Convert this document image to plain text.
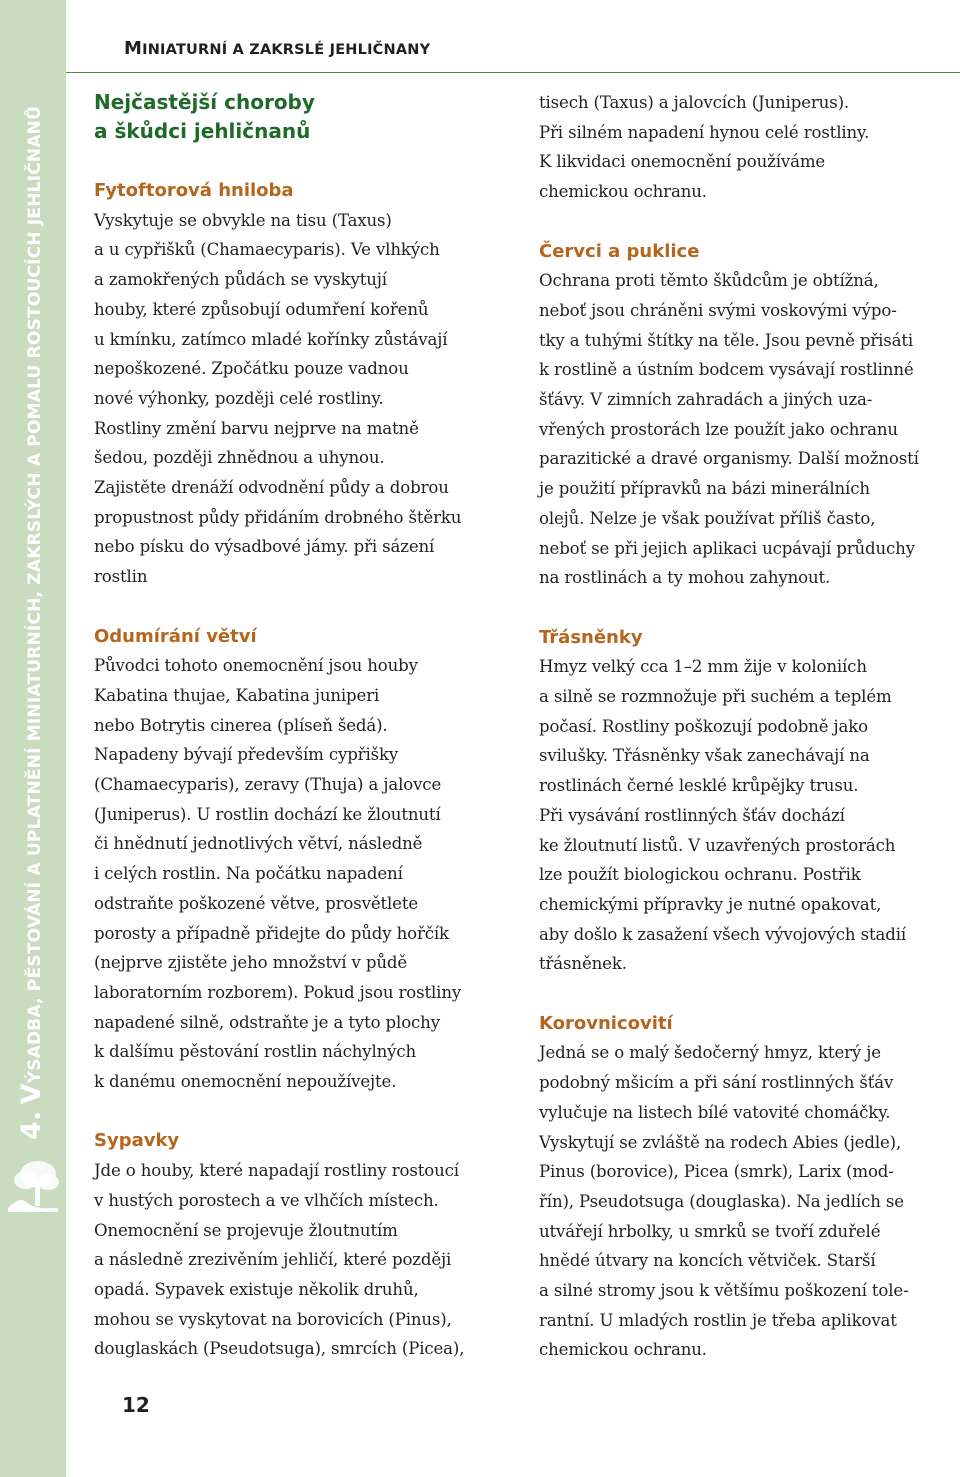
4. VÝSADBA, PĚSTOVÁNÍ A UPLATNĚNÍ MINIATURNÍCH, ZAKRSLÝCH A POMALU ROSTOUCÍCH JEHLIČNANŮ
MINIATURNÍ A ZAKRSLÉ JEHLIČNANY
Nejčastější choroby
a škůdci jehličnanů
Fytoftorová hniloba

Vyskytuje se obvykle na tisu (Taxus)
a u cypřišků (Chamaecyparis). Ve vlhkých
a zamokřených půdách se vyskytují
houby, které způsobují odumření kořenů
u kmínku, zatímco mladé kořínky zůstávají
nepoškozené. Zpočátku pouze vadnou
nové výhonky, později celé rostliny.
Rostliny změní barvu nejprve na matně
šedou, později zhnědnou a uhynou.
Zajistěte drenáží odvodnění půdy a dobrou
propustnost půdy přidáním drobného štěrku
nebo písku do výsadbové jámy. při sázení
rostlin

Odumírání větví

Původci tohoto onemocnění jsou houby
Kabatina thujae, Kabatina juniperi
nebo Botrytis cinerea (plíseň šedá).
Napadeny bývají především cypřišky
(Chamaecyparis), zeravy (Thuja) a jalovce
(Juniperus). U rostlin dochází ke žloutnutí
či hnědnutí jednotlivých větví, následně
i celých rostlin. Na počátku napadení
odstraňte poškozené větve, prosvětlete
porosty a případně přidejte do půdy hořčík
(nejprve zjistěte jeho množství v půdě
laboratorním rozborem). Pokud jsou rostliny
napadené silně, odstraňte je a tyto plochy
k dalšímu pěstování rostlin náchylných
k danému onemocnění nepoužívejte.

Sypavky

Jde o houby, které napadají rostliny rostoucí
v hustých porostech a ve vlhčích místech.
Onemocnění se projevuje žloutnutím
a následně zrezivěním jehličí, které později
opadá. Sypavek existuje několik druhů,
mohou se vyskytovat na borovicích (Pinus),
douglaskách (Pseudotsuga), smrcích (Picea),

tisech (Taxus) a jalovcích (Juniperus).
Při silném napadení hynou celé rostliny.
K likvidaci onemocnění používáme
chemickou ochranu.

Červci a puklice

Ochrana proti těmto škůdcům je obtížná,
neboť jsou chráněni svými voskovými výpo-
tky a tuhými štítky na těle. Jsou pevně přisáti
k rostlině a ústním bodcem vysávají rostlinné
šťávy. V zimních zahradách a jiných uza-
vřených prostorách lze použít jako ochranu
parazitické a dravé organismy. Další možností
je použití přípravků na bázi minerálních
olejů. Nelze je však používat příliš často,
neboť se při jejich aplikaci ucpávají průduchy
na rostlinách a ty mohou zahynout.

Třásněnky

Hmyz velký cca 1–2 mm žije v koloniích
a silně se rozmnožuje při suchém a teplém
počasí. Rostliny poškozují podobně jako
svilušky. Třásněnky však zanechávají na
rostlinách černé lesklé krůpějky trusu.
Při vysávání rostlinných šťáv dochází
ke žloutnutí listů. V uzavřených prostorách
lze použít biologickou ochranu. Postřik
chemickými přípravky je nutné opakovat,
aby došlo k zasažení všech vývojových stadií
třásněnek.

Korovnicovití

Jedná se o malý šedočerný hmyz, který je
podobný mšicím a při sání rostlinných šťáv
vylučuje na listech bílé vatovité chomáčky.
Vyskytují se zvláště na rodech Abies (jedle),
Pinus (borovice), Picea (smrk), Larix (mod-
řín), Pseudotsuga (douglaska). Na jedlích se
utvářejí hrbolky, u smrků se tvoří zduřelé
hnědé útvary na koncích větviček. Starší
a silné stromy jsou k většímu poškození tole-
rantní. U mladých rostlin je třeba aplikovat
chemickou ochranu.

12
